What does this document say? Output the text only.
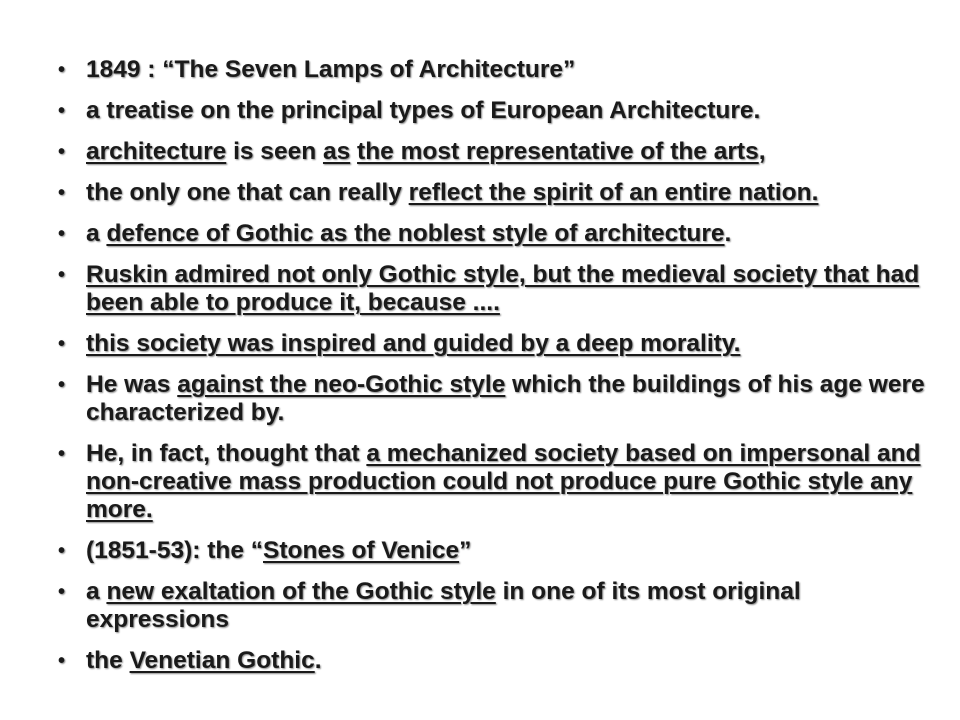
• 1849 : “The Seven Lamps of Architecture”
• a treatise on the principal types of European Architecture.
• architecture is seen as the most representative of the arts,
• the only one that can really reflect the spirit of an entire nation.
• a defence of Gothic as the noblest style of architecture.
• Ruskin admired not only Gothic style, but the medieval society that had been able to produce it, because ....
• this society was inspired and guided by a deep morality.
• He was against the neo-Gothic style which the buildings of his age were characterized by.
• He, in fact, thought that a mechanized society based on impersonal and non-creative mass production could not produce pure Gothic style any more.
• (1851-53): the “Stones of Venice”
• a new exaltation of the Gothic style in one of its most original expressions
• the Venetian Gothic.
